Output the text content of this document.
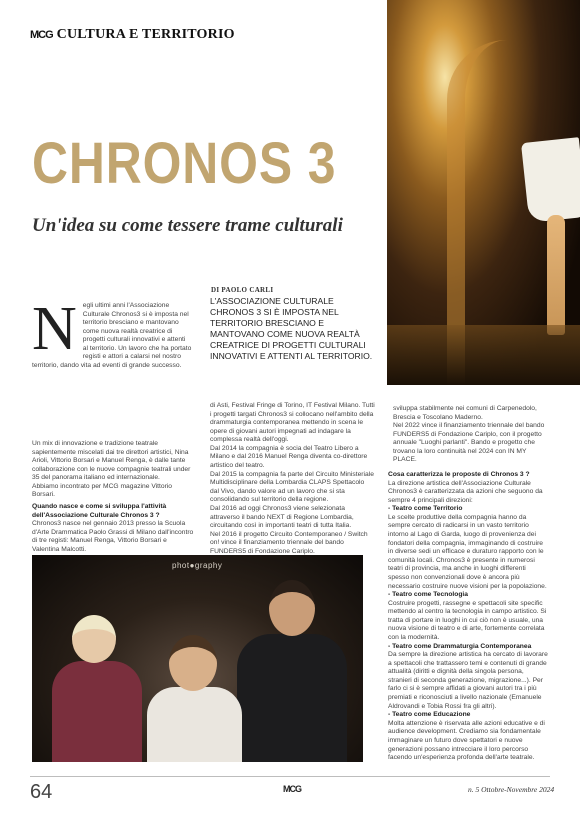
MCG CULTURA E TERRITORIO
CHRONOS 3
Un'idea su come tessere trame culturali
DI PAOLO CARLI
L'ASSOCIAZIONE CULTURALE CHRONOS 3 SI È IMPOSTA NEL TERRITORIO BRESCIANO E MANTOVANO COME NUOVA REALTÀ CREATRICE DI PROGETTI CULTURALI INNOVATIVI E ATTENTI AL TERRITORIO.
N egli ultimi anni l'Associazione Culturale Chronos3 si è imposta nel territorio bresciano e mantovano come nuova realtà creatrice di progetti culturali innovativi e attenti al territorio. Un lavoro che ha portato registi e attori a calarsi nel nostro territorio, dando vita ad eventi di grande successo.

Un mix di innovazione e tradizione teatrale sapientemente miscelati dai tre direttori artistici, Nina Arioli, Vittorio Borsari e Manuel Renga, è dalle tante collaborazione con le nuove compagnie teatrali under 35 del panorama italiano ed internazionale.

Abbiamo incontrato per MCG magazine Vittorio Borsari.

Quando nasce e come si sviluppa l'attività dell'Associazione Culturale Chronos 3 ?

Chronos3 nasce nel gennaio 2013 presso la Scuola d'Arte Drammatica Paolo Grassi di Milano dall'incontro di tre registi: Manuel Renga, Vittorio Borsari e Valentina Malcotti.

di Asti, Festival Fringe di Torino, IT Festival Milano. Tutti i progetti targati Chronos3 si collocano nell'ambito della drammaturgia contemporanea mettendo in scena le opere di giovani autori impegnati ad indagare la complessa realtà dell'oggi.

Dal 2014 la compagnia è socia del Teatro Libero a Milano e dal 2016 Manuel Renga diventa co-direttore artistico del teatro.

Dal 2015 la compagnia fa parte del Circuito Ministeriale Multidisciplinare della Lombardia CLAPS Spettacolo dal Vivo, dando valore ad un lavoro che si sta consolidando sul territorio della regione.

Dal 2016 ad oggi Chronos3 viene selezionata attraverso il bando NEXT di Regione Lombardia, circuitando così in importanti teatri di tutta Italia.

Nel 2016 il progetto Circuito Contemporaneo / Switch on! vince il finanziamento triennale del bando FUNDERS5 di Fondazione Cariplo.

sviluppa stabilmente nei comuni di Carpenedolo, Brescia e Toscolano Maderno.

Nel 2022 vince il finanziamento triennale del bando FUNDERS5 di Fondazione Cariplo, con il progetto annuale "Luoghi parlanti". Bando e progetto che trovano la loro continuità nel 2024 con IN MY PLACE.

Cosa caratterizza le proposte di Chronos 3 ?

La direzione artistica dell'Associazione Culturale Chronos3 è caratterizzata da azioni che seguono da sempre 4 principali direzioni:

- Teatro come Territorio

Le scelte produttive della compagnia hanno da sempre cercato di radicarsi in un vasto territorio intorno al Lago di Garda, luogo di provenienza dei fondatori della compagnia, immaginando di costruire in diverse sedi un efficace e duraturo rapporto con le comunità locali. Chronos3 è presente in numerosi teatri di provincia, ma anche in luoghi differenti spesso non convenzionali dove è ancora più necessario costruire nuove visioni per la popolazione.

- Teatro come Tecnologia

Costruire progetti, rassegne e spettacoli site specific mettendo al centro la tecnologia in campo artistico. Si tratta di portare in luoghi in cui ciò non è usuale, una nuova visione di teatro e di arte, fortemente correlata con la modernità.

- Teatro come Drammaturgia Contemporanea

Da sempre la direzione artistica ha cercato di lavorare a spettacoli che trattassero temi e contenuti di grande attualità (diritti e dignità della singola persona, stranieri di seconda generazione, migrazione...). Per farlo ci si è sempre affidati a giovani autori tra i più premiati e riconosciuti a livello nazionale (Emanuele Aldrovandi e Tobia Rossi fra gli altri).

- Teatro come Educazione

Molta attenzione è riservata alle azioni educative e di audience development. Crediamo sia fondamentale immaginare un futuro dove spettatori e nuove generazioni possano intrecciare il loro percorso facendo un'esperienza profonda dell'arte teatrale.

phot●graphy
64	MCG	n. 5 Ottobre-Novembre 2024
